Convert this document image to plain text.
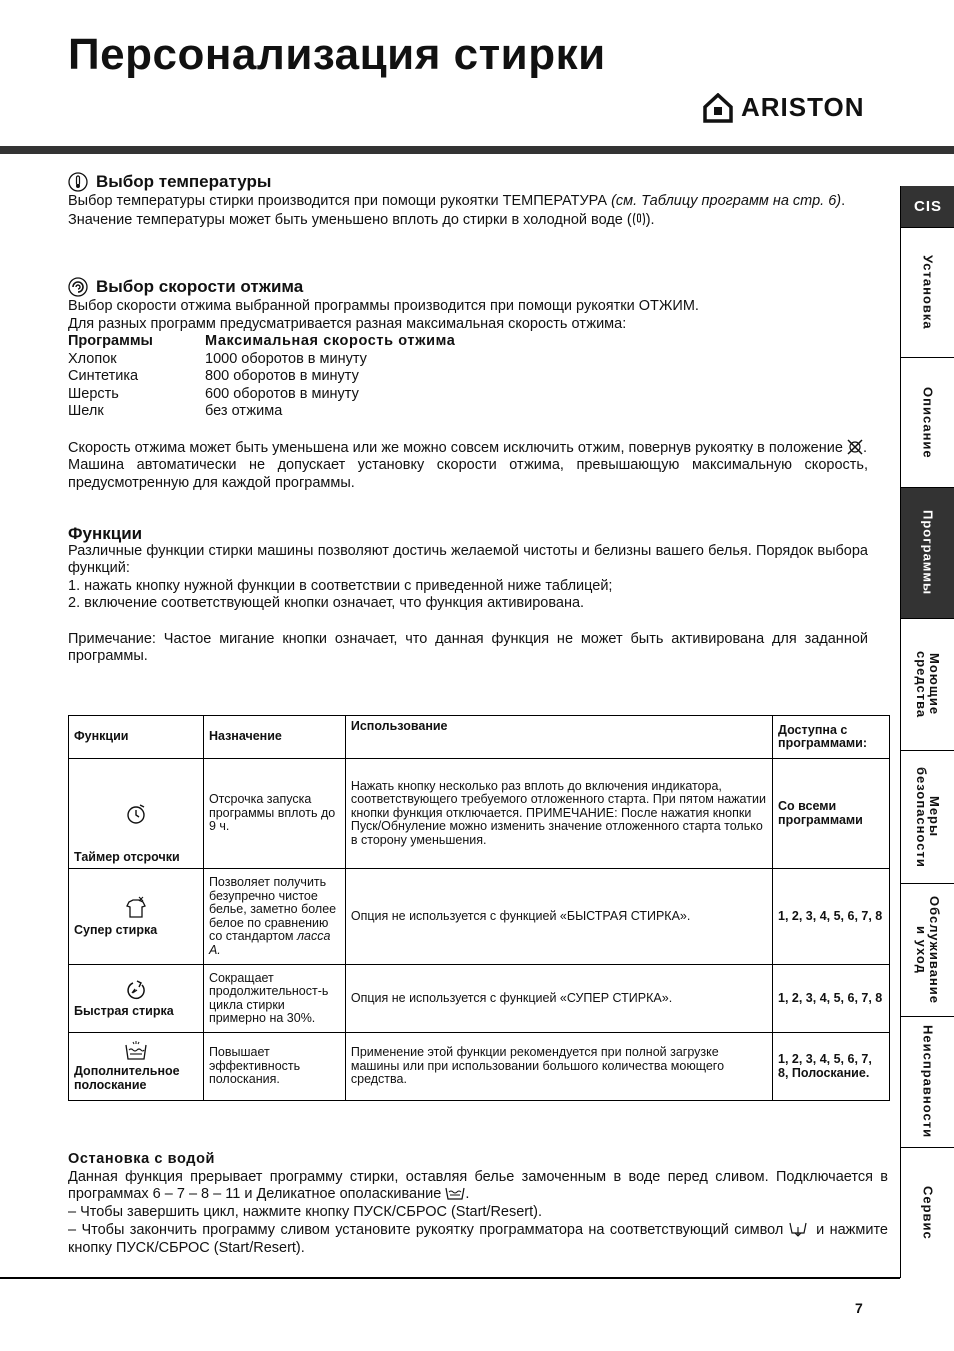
Персонализация стирки
ARISTON
Выбор температуры
Выбор температуры стирки производится при помощи рукоятки ТЕМПЕРАТУРА (см. Таблицу программ на стр. 6).
Значение температуры может быть уменьшено вплоть до стирки в холодной воде ( ).
Выбор скорости отжима
Выбор скорости отжима выбранной программы производится при помощи рукоятки ОТЖИМ.
Для разных программ предусматривается разная максимальная скорость отжима:
Программы	Максимальная скорость отжима
Хлопок	1000 оборотов в минуту
Синтетика	800 оборотов в минуту
Шерсть	600 оборотов в минуту
Шелк	без отжима
Скорость отжима может быть уменьшена или же можно совсем исключить отжим, повернув рукоятку в положение .
Машина автоматически не допускает установку скорости отжима, превышающую максимальную скорость, предусмотренную для каждой программы.
Функции
Различные функции стирки машины позволяют достичь желаемой чистоты и белизны вашего белья. Порядок выбора функций:
1. нажать кнопку нужной функции в соответствии с приведенной ниже таблицей;
2. включение соответствующей кнопки означает, что функция активирована.
Примечание: Частое мигание кнопки означает, что данная функция не может быть активирована для заданной программы.
Функции	Назначение	Использование	Доступна с программами:

Таймер отсрочки	Отсрочка запуска программы вплоть до 9 ч.	Нажать кнопку несколько раз вплоть до включения индикатора, соответствующего требуемого отложенного старта. При пятом нажатии кнопки функция отключается. ПРИМЕЧАНИЕ: После нажатия кнопки Пуск/Обнуление можно изменить значение отложенного старта только в сторону уменьшения.	Со всеми программами

Супер стирка	Позволяет получить безупречно чистое белье, заметно более белое по сравнению со стандартом ласса А.	Опция не используется с функцией «БЫСТРАЯ СТИРКА».	1, 2, 3, 4, 5, 6, 7, 8

Быстрая стирка	Сокращает продолжительност-ь цикла стирки примерно на 30%.	Опция не используется с функцией «СУПЕР СТИРКА».	1, 2, 3, 4, 5, 6, 7, 8

Дополнительное полоскание	Повышает эффективность полоскания.	Применение этой функции рекомендуется при полной загрузке машины или при использовании большого количества моющего средства.	1, 2, 3, 4, 5, 6, 7, 8, Полоскание.
Остановка с водой
Данная функция прерывает программу стирки, оставляя белье замоченным в воде перед сливом. Подключается в программах 6 – 7 – 8 – 11 и Деликатное ополаскивание .
– Чтобы завершить цикл, нажмите кнопку ПУСК/СБРОС (Start/Resert).
– Чтобы закончить программу сливом установите рукоятку программатора на соответствующий символ  и нажмите кнопку ПУСК/СБРОС (Start/Resert).
7
CIS
Установка
Описание
Программы
Моющие
средства
Меры
безопасности
Обслуживание
и уход
Неисправности
Сервис
